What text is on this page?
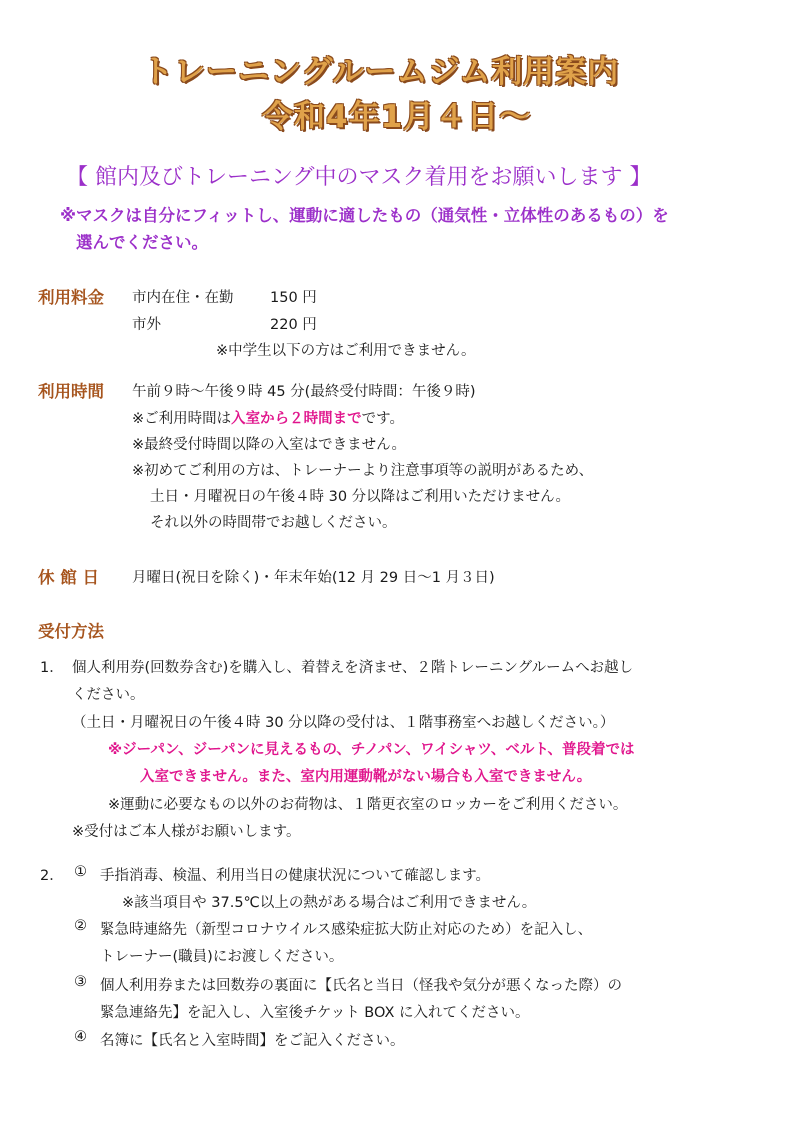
トレーニングルームジム利用案内
令和4年1月４日～
【 館内及びトレーニング中のマスク着用をお願いします 】
※マスクは自分にフィットし、運動に適したもの（通気性・立体性のあるもの）を
選んでください。
利用料金 市内在住・在勤	150 円
市外	220 円
※中学生以下の方はご利用できません。
利用時間 午前９時～午後９時 45 分(最終受付時間：午後９時)
※ご利用時間は入室から２時間までです。
※最終受付時間以降の入室はできません。
※初めてご利用の方は、トレーナーより注意事項等の説明があるため、
土日・月曜祝日の午後４時 30 分以降はご利用いただけません。
それ以外の時間帯でお越しください。
休 館 日 月曜日(祝日を除く)・年末年始(12 月 29 日～1 月３日)
受付方法
1． 個人利用券(回数券含む)を購入し、着替えを済ませ、２階トレーニングルームへお越し
ください。
（土日・月曜祝日の午後４時 30 分以降の受付は、１階事務室へお越しください。）
※ジーパン、ジーパンに見えるもの、チノパン、ワイシャツ、ベルト、普段着では
入室できません。また、室内用運動靴がない場合も入室できません。
※運動に必要なもの以外のお荷物は、１階更衣室のロッカーをご利用ください。
※受付はご本人様がお願いします。
2． ① 手指消毒、検温、利用当日の健康状況について確認します。
※該当項目や 37.5℃以上の熱がある場合はご利用できません。
② 緊急時連絡先（新型コロナウイルス感染症拡大防止対応のため）を記入し、
トレーナー(職員)にお渡しください。
③ 個人利用券または回数券の裏面に【氏名と当日（怪我や気分が悪くなった際）の
緊急連絡先】を記入し、入室後チケット BOX に入れてください。
④ 名簿に【氏名と入室時間】をご記入ください。
